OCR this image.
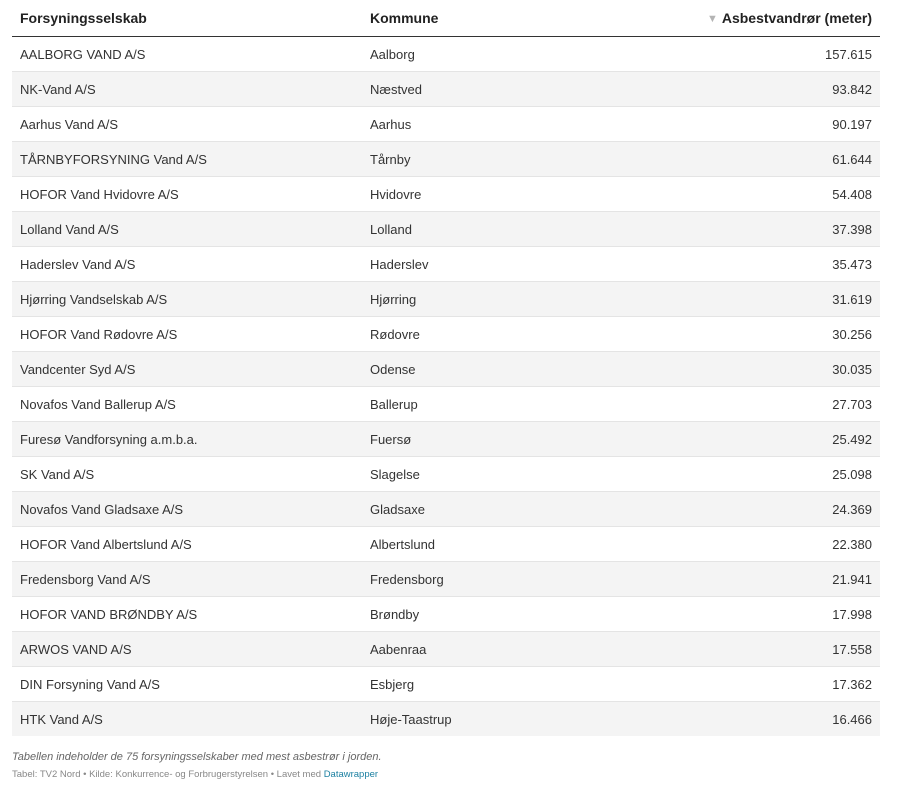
Forsyningsselskab	Kommune	▼ Asbestvandrør (meter)
AALBORG VAND A/S	Aalborg	157.615
NK-Vand A/S	Næstved	93.842
Aarhus Vand A/S	Aarhus	90.197
TÅRNBYFORSYNING Vand A/S	Tårnby	61.644
HOFOR Vand Hvidovre A/S	Hvidovre	54.408
Lolland Vand A/S	Lolland	37.398
Haderslev Vand A/S	Haderslev	35.473
Hjørring Vandselskab A/S	Hjørring	31.619
HOFOR Vand Rødovre A/S	Rødovre	30.256
Vandcenter Syd A/S	Odense	30.035
Novafos Vand Ballerup A/S	Ballerup	27.703
Furesø Vandforsyning a.m.b.a.	Fuersø	25.492
SK Vand A/S	Slagelse	25.098
Novafos Vand Gladsaxe A/S	Gladsaxe	24.369
HOFOR Vand Albertslund A/S	Albertslund	22.380
Fredensborg Vand A/S	Fredensborg	21.941
HOFOR VAND BRØNDBY A/S	Brøndby	17.998
ARWOS VAND A/S	Aabenraa	17.558
DIN Forsyning Vand A/S	Esbjerg	17.362
HTK Vand A/S	Høje-Taastrup	16.466
Tabellen indeholder de 75 forsyningsselskaber med mest asbestrør i jorden.
Tabel: TV2 Nord • Kilde: Konkurrence- og Forbrugerstyrelsen • Lavet med Datawrapper
